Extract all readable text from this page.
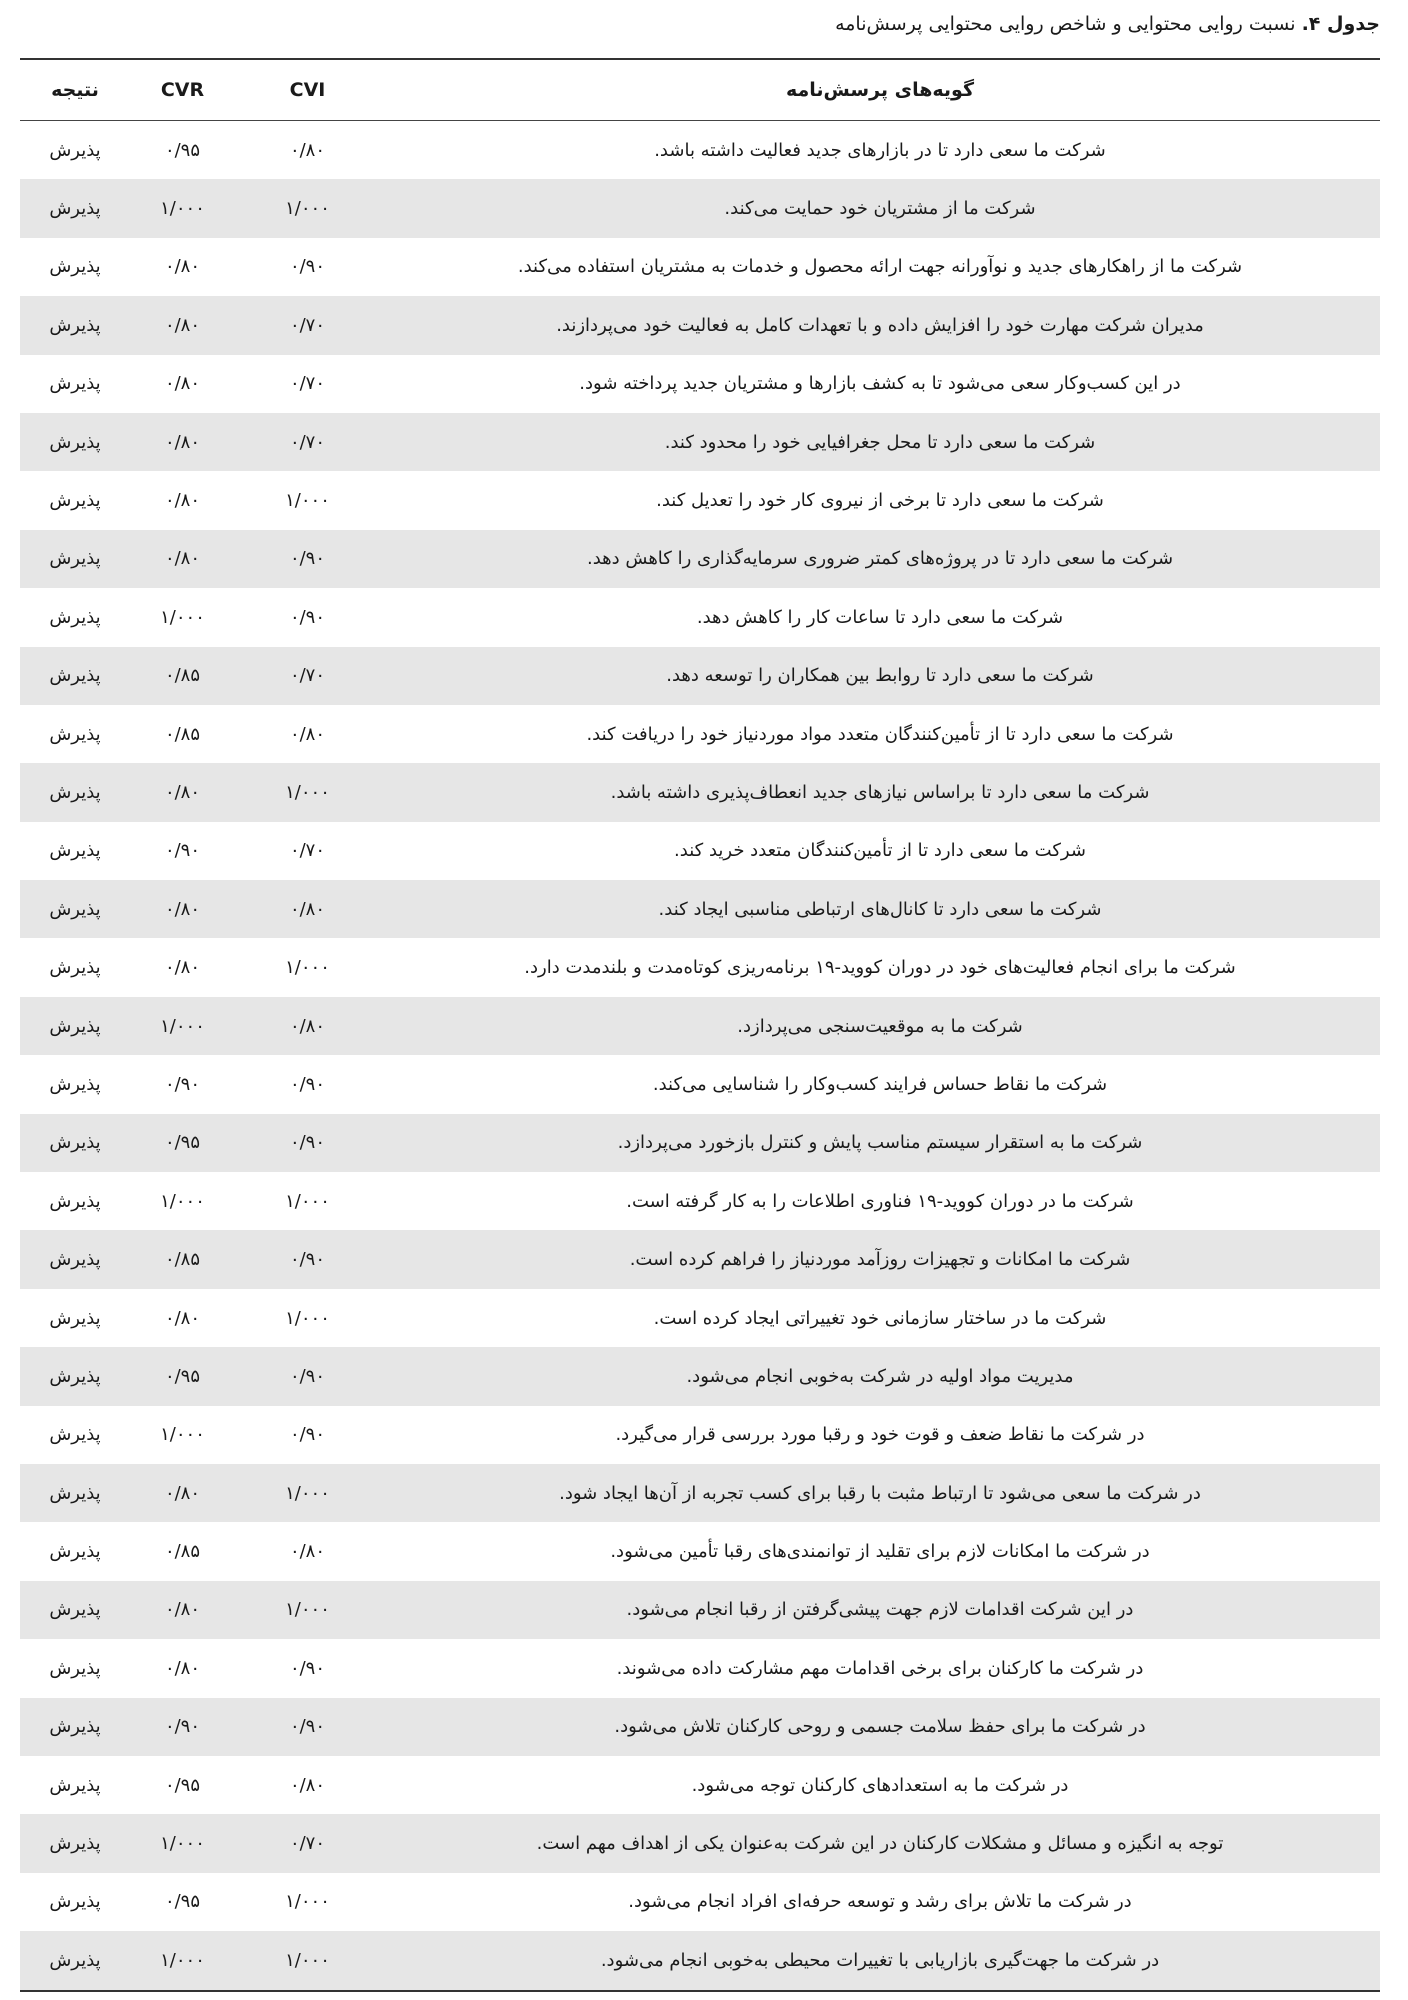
جدول ۴. نسبت روایی محتوایی و شاخص روایی محتوایی پرسش‌نامه
گویه‌های پرسش‌نامه	CVI	CVR	نتیجه
شرکت ما سعی دارد تا در بازارهای جدید فعالیت داشته باشد.	۰/۸۰	۰/۹۵	پذیرش
شرکت ما از مشتریان خود حمایت می‌کند.	۱/۰۰۰	۱/۰۰۰	پذیرش
شرکت ما از راهکارهای جدید و نوآورانه جهت ارائه محصول و خدمات به مشتریان استفاده می‌کند.	۰/۹۰	۰/۸۰	پذیرش
مدیران شرکت مهارت خود را افزایش داده و با تعهدات کامل به فعالیت خود می‌پردازند.	۰/۷۰	۰/۸۰	پذیرش
در این کسب‌وکار سعی می‌شود تا به کشف بازارها و مشتریان جدید پرداخته شود.	۰/۷۰	۰/۸۰	پذیرش
شرکت ما سعی دارد تا محل جغرافیایی خود را محدود کند.	۰/۷۰	۰/۸۰	پذیرش
شرکت ما سعی دارد تا برخی از نیروی کار خود را تعدیل کند.	۱/۰۰۰	۰/۸۰	پذیرش
شرکت ما سعی دارد تا در پروژه‌های کمتر ضروری سرمایه‌گذاری را کاهش دهد.	۰/۹۰	۰/۸۰	پذیرش
شرکت ما سعی دارد تا ساعات کار را کاهش دهد.	۰/۹۰	۱/۰۰۰	پذیرش
شرکت ما سعی دارد تا روابط بین همکاران را توسعه دهد.	۰/۷۰	۰/۸۵	پذیرش
شرکت ما سعی دارد تا از تأمین‌کنندگان متعدد مواد موردنیاز خود را دریافت کند.	۰/۸۰	۰/۸۵	پذیرش
شرکت ما سعی دارد تا براساس نیازهای جدید انعطاف‌پذیری داشته باشد.	۱/۰۰۰	۰/۸۰	پذیرش
شرکت ما سعی دارد تا از تأمین‌کنندگان متعدد خرید کند.	۰/۷۰	۰/۹۰	پذیرش
شرکت ما سعی دارد تا کانال‌های ارتباطی مناسبی ایجاد کند.	۰/۸۰	۰/۸۰	پذیرش
شرکت ما برای انجام فعالیت‌های خود در دوران کووید‑۱۹ برنامه‌ریزی کوتاه‌مدت و بلندمدت دارد.	۱/۰۰۰	۰/۸۰	پذیرش
شرکت ما به موقعیت‌سنجی می‌پردازد.	۰/۸۰	۱/۰۰۰	پذیرش
شرکت ما نقاط حساس فرایند کسب‌وکار را شناسایی می‌کند.	۰/۹۰	۰/۹۰	پذیرش
شرکت ما به استقرار سیستم مناسب پایش و کنترل بازخورد می‌پردازد.	۰/۹۰	۰/۹۵	پذیرش
شرکت ما در دوران کووید‑۱۹ فناوری اطلاعات را به کار گرفته است.	۱/۰۰۰	۱/۰۰۰	پذیرش
شرکت ما امکانات و تجهیزات روزآمد موردنیاز را فراهم کرده است.	۰/۹۰	۰/۸۵	پذیرش
شرکت ما در ساختار سازمانی خود تغییراتی ایجاد کرده است.	۱/۰۰۰	۰/۸۰	پذیرش
مدیریت مواد اولیه در شرکت به‌خوبی انجام می‌شود.	۰/۹۰	۰/۹۵	پذیرش
در شرکت ما نقاط ضعف و قوت خود و رقبا مورد بررسی قرار می‌گیرد.	۰/۹۰	۱/۰۰۰	پذیرش
در شرکت ما سعی می‌شود تا ارتباط مثبت با رقبا برای کسب تجربه از آن‌ها ایجاد شود.	۱/۰۰۰	۰/۸۰	پذیرش
در شرکت ما امکانات لازم برای تقلید از توانمندی‌های رقبا تأمین می‌شود.	۰/۸۰	۰/۸۵	پذیرش
در این شرکت اقدامات لازم جهت پیشی‌گرفتن از رقبا انجام می‌شود.	۱/۰۰۰	۰/۸۰	پذیرش
در شرکت ما کارکنان برای برخی اقدامات مهم مشارکت داده می‌شوند.	۰/۹۰	۰/۸۰	پذیرش
در شرکت ما برای حفظ سلامت جسمی و روحی کارکنان تلاش می‌شود.	۰/۹۰	۰/۹۰	پذیرش
در شرکت ما به استعدادهای کارکنان توجه می‌شود.	۰/۸۰	۰/۹۵	پذیرش
توجه به انگیزه و مسائل و مشکلات کارکنان در این شرکت به‌عنوان یکی از اهداف مهم است.	۰/۷۰	۱/۰۰۰	پذیرش
در شرکت ما تلاش برای رشد و توسعه حرفه‌ای افراد انجام می‌شود.	۱/۰۰۰	۰/۹۵	پذیرش
در شرکت ما جهت‌گیری بازاریابی با تغییرات محیطی به‌خوبی انجام می‌شود.	۱/۰۰۰	۱/۰۰۰	پذیرش
